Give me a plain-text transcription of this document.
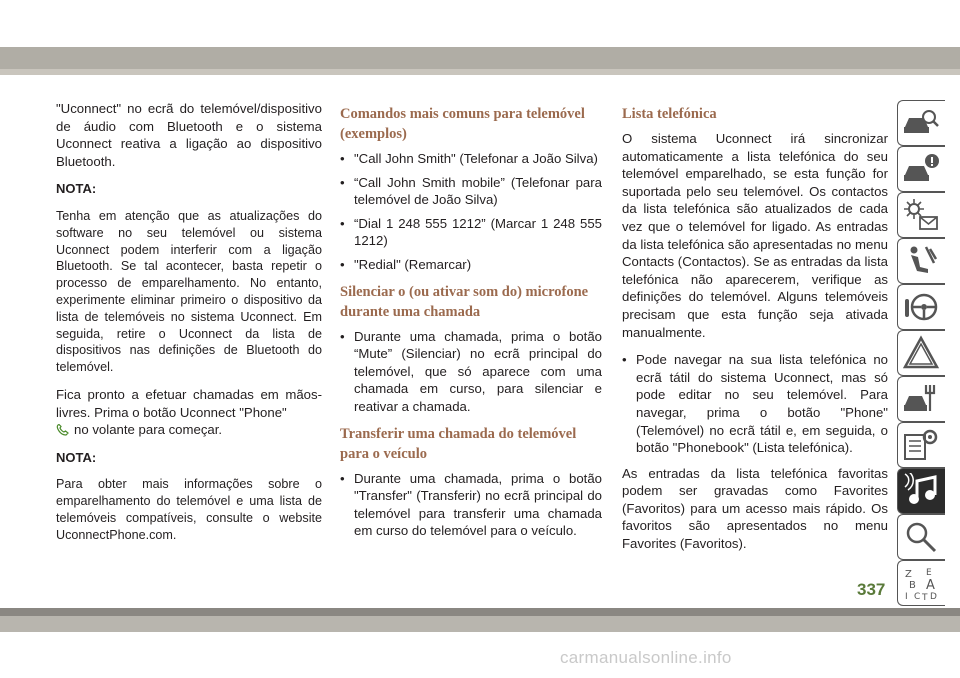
"Uconnect" no ecrã do telemóvel/dispositivo de áudio com Bluetooth e o sistema Uconnect reativa a ligação ao dispositivo Bluetooth.

NOTA:

Tenha em atenção que as atualizações do software no seu telemóvel ou sistema Uconnect podem interferir com a ligação Bluetooth. Se tal acontecer, basta repetir o processo de emparelhamento. No entanto, experimente eliminar primeiro o dispositivo da lista de telemóveis no sistema Uconnect. Em seguida, retire o Uconnect da lista de dispositivos nas definições de Bluetooth do telemóvel.

Fica pronto a efetuar chamadas em mãos-livres. Prima o botão Uconnect "Phone"
no volante para começar.

NOTA:

Para obter mais informações sobre o emparelhamento do telemóvel e uma lista de telemóveis compatíveis, consulte o website UconnectPhone.com.

Comandos mais comuns para telemóvel (exemplos)
• "Call John Smith" (Telefonar a João Silva)
• “Call John Smith mobile” (Telefonar para telemóvel de João Silva)
• “Dial 1 248 555 1212” (Marcar 1 248 555 1212)
• "Redial" (Remarcar)
Silenciar o (ou ativar som do) microfone durante uma chamada
• Durante uma chamada, prima o botão “Mute” (Silenciar) no ecrã principal do telemóvel, que só aparece com uma chamada em curso, para silenciar e reativar a chamada.
Transferir uma chamada do telemóvel para o veículo
• Durante uma chamada, prima o botão "Transfer" (Transferir) no ecrã principal do telemóvel para transferir uma chamada em curso do telemóvel para o veículo.
Lista telefónica

O sistema Uconnect irá sincronizar automaticamente a lista telefónica do seu telemóvel emparelhado, se esta função for suportada pelo seu telemóvel. Os contactos da lista telefónica são atualizados de cada vez que o telemóvel for ligado. As entradas da lista telefónica são apresentadas no menu Contacts (Contactos). Se as entradas da lista telefónica não aparecerem, verifique as definições do telemóvel. Alguns telemóveis precisam que esta função seja ativada manualmente.

• Pode navegar na sua lista telefónica no ecrã tátil do sistema Uconnect, mas só pode editar no seu telemóvel. Para navegar, prima o botão "Phone" (Telemóvel) no ecrã tátil e, em seguida, o botão "Phonebook" (Lista telefónica).

As entradas da lista telefónica favoritas podem ser gravadas como Favorites (Favoritos) para um acesso mais rápido. Os favoritos são apresentados no menu Favorites (Favoritos).

Z E
B A
I C T D
337
carmanualsonline.info
